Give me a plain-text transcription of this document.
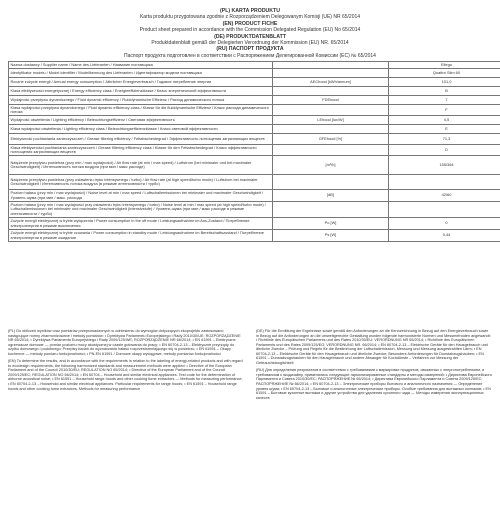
(PL) KARTA PRODUKTU
Karta produktu przygotowana zgodnie z Rozporządzeniem Delegowanym Komisji (UE) NR 65/2014
(EN) PRODUCT FICHE
Product sheet prepared in accordance with the Commission Delegated Regulation (EU) No 65/2014
(DE) PRODUKTDATENBLATT
Produktdatenblatt gemäß der Delegierten Verordnung der Kommission (EU) NR. 65/2014
(RU) ПАСПОРТ ПРОДУКТА
Паспорт продукта подготовлен в соответствии с Распоряжением Делегированной Комиссии (ЕС) № 65/2014
Nazwa dostawcy / Supplier name / Name des Lieferanten / Название поставщика		Ellego
Identyfikator modelu / Model identifier / Modellkennung des Lieferanten / Идентификатор модели поставщика		Quattro Slim 60
Roczne zużycie energii / Annual energy consumption / Jährlicher Energieverbrauch / Годовое потребление энергии	AEChood [kWh/annum]	101,0
Klasa efektywności energetycznej / Energy efficiency class / Energieeffizienzklasse / Класс энергетической эффективности		B
Wydajność przepływu dynamicznego / Fluid dynamic efficiency / Fluiddynamische Effizienz / Расход динамического потока	FDEhood	7
Klasa wydajności przepływu dynamicznego / Fluid dynamic efficiency class / Klasse für die fluiddynamische Effizienz / Класс расхода динамического потока		F
Wydajność oświetlenia / Lighting efficiency / Beleuchtungseffizienz / Световая эффективность	LEhood [lux/W]	4,5
Klasa wydajności oświetlenia / Lighting efficiency class / Beleuchtungseffizienzklasse / Класс световой эффективности		E
Efektywność pochłaniania zanieczyszczeń / Grease filtering efficiency / Fettabscheidegrad / Эффективность поглощения загрязняющих веществ	GFEhood [%]	71,3
Klasa efektywności pochłaniania zanieczyszczeń / Grease filtering efficiency class / Klasse für den Fettabscheidegrad / Класс эффективности поглощения загрязняющих веществ		D
Natężenie przepływu powietrza (przy min / max wydajności) / Air flow rate (at min / max speed) / Luftstrom (bei minimaler und bei maximaler Geschwindigkeit) / Интенсивность потока воздуха (при мин / макс расходе)	[m³/h]	155/364
Natężenie przepływu powietrza (przy ustawieniu trybu intensywnego / turbo) / Air flow rate (at high speed/turbo mode) / Luftstrom bei maximaler Geschwindigkeit / Интенсивность потока воздуха (в режиме интенсивности / турбо)		
Poziom hałasu (przy min / max wydajności) / Noise level at min / max speed / Luftschallemissionen bei minimaler und maximaler Geschwindigkeit / Уровень шума (при мин / макс. расхода	[dB]	42/60
Poziom hałasu (przy min / max wydajności przy ustawieniu trybu intensywnego / turbo) / Noise level at min / max speed (at high speed/turbo mode) / Luftschallemissionen bei minimaler und maximaler Geschwindigkeit (Intensivstufe) / Уровень шума (при мин / макс расходе в режиме интенсивности / турбо)		
Zużycie energii elektrycznej w trybie wyłączenia / Power consumption in the off mode / Leistungsaufnahme im Aus-Zustand / Потребление электроэнергии в режиме выключения	Po [W]	0
Zużycie energii elektrycznej w trybie czuwania / Power consumption in standby mode / Leistungsaufnahme im Bereitschaftszustand / Потребление электроэнергии в режиме ожидания	Ps [W]	0,44

(PL) Do obliczeń wyników oraz pomiarów przeprowadzonych w odniesieniu do wymogów dotyczących ekoprojektu zastosowano następujące normy zharmonizowane i metody pomiarów: • Dyrektywa Parlamentu Europejskiego i Rady 2010/30/UE; ROZPORZĄDZENIE NR 65/2014; • Dyrektywa Parlamentu Europejskiego i Rady 2009/125/WE; ROZPORZĄDZENIE NR 66/2014; • EN 61591 – Elektryczne ogrzewacze domowe — pomiar poziomu mocy akustycznej w czasie gotowania do pracy; • EN 60704-2-13 – Elektryczne przyrządy do użytku domowego i podobnego; Przepisy badań do wyznaczania hałasu rozprzestrzeniającego się w powietrzu; • EN 61591 – Okapy kuchenne — metody pomiaru funkcjonalności; • PN-EN 61591 / Domowe okapy wyciągowe; metody pomiarów funkcjonalności

(EN) To determine the results, and in accordance with the requirements in relation to the labeling of energy-related products and with regard to ecodesign requirements, the following harmonized standards and measurement methods were applied: • Directive of the European Parliament and of the Council 2010/30/EU; REGULATION NO 65/2014; • Directive of the European Parliament and of the Council 2009/125/EC; REGULATION NO 66/2014; • EN 60704 – Household and similar electrical appliances. Test code for the determination of airborne acoustical noise; • EN 61591 – Household range hoods and other cooking fume extractors — Methods for measuring performance; • EN 60704-2-13 – Household and similar electrical appliances. Particular requirements for range hoods; • EN 61591 – Household range hoods and other cooking fume extractors. Methods for measuring performance

(DE) Für die Ermittlung der Ergebnisse sowie gemäß den Anforderungen an die Kennzeichnung in Bezug auf den Energieverbrauch sowie in Bezug auf die Anforderungen an die umweltgerechte Gestaltung wurden folgende harmonisierte Normen und Messmethoden angewandt: • Richtlinie des Europäischen Parlaments und des Rates 2010/30/EU; VERORDNUNG NR 65/2014; • Richtlinie des Europäischen Parlaments und des Rates 2009/125/EG; VERORDNUNG NR. 66/2014; • EN 60704-2-13 – Elektrische Geräte für den Hausgebrauch und ähnliche Zwecke – Prüfung und Regeln für die Bestimmung der Luftschallemission, Messung und Messung ausgestrahlten Lärm; • EN 60704-2-13 – Elektrische Geräte für den Hausgebrauch und ähnliche Zwecke; Besondere Anforderungen für Dunstabzugshauben; • EN 61591 – Dunstabzugshauben für den Hausgebrauch und andere Absauger für Kochdünste – Verfahren zur Messung der Gebrauchstauglichkeit

(RU) Для определения результатов в соответствии с требованиями к маркировке продуктов, связанных с энергопотреблением, и требованиям к экодизайну, применялись следующие гармонизированные стандарты и методы измерений: • Директива Европейского Парламента и Совета 2010/30/ЕС; РАСПОРЯЖЕНИЕ № 65/2014; • Директива Европейского Парламента и Совета 2009/125/ЕС; РАСПОРЯЖЕНИЕ № 66/2014; • EN 60704-2-13 – Электрические приборы бытового и аналогичного назначения — Определение уровня шума; • EN 60704-2-13 – Бытовые и аналогичные электрические приборы. Особые требования для вытяжных колпаков; • EN 61591 – Бытовые кухонные вытяжки и другие устройства для удаления кухонного чада — Методы измерения эксплуатационных качеств
